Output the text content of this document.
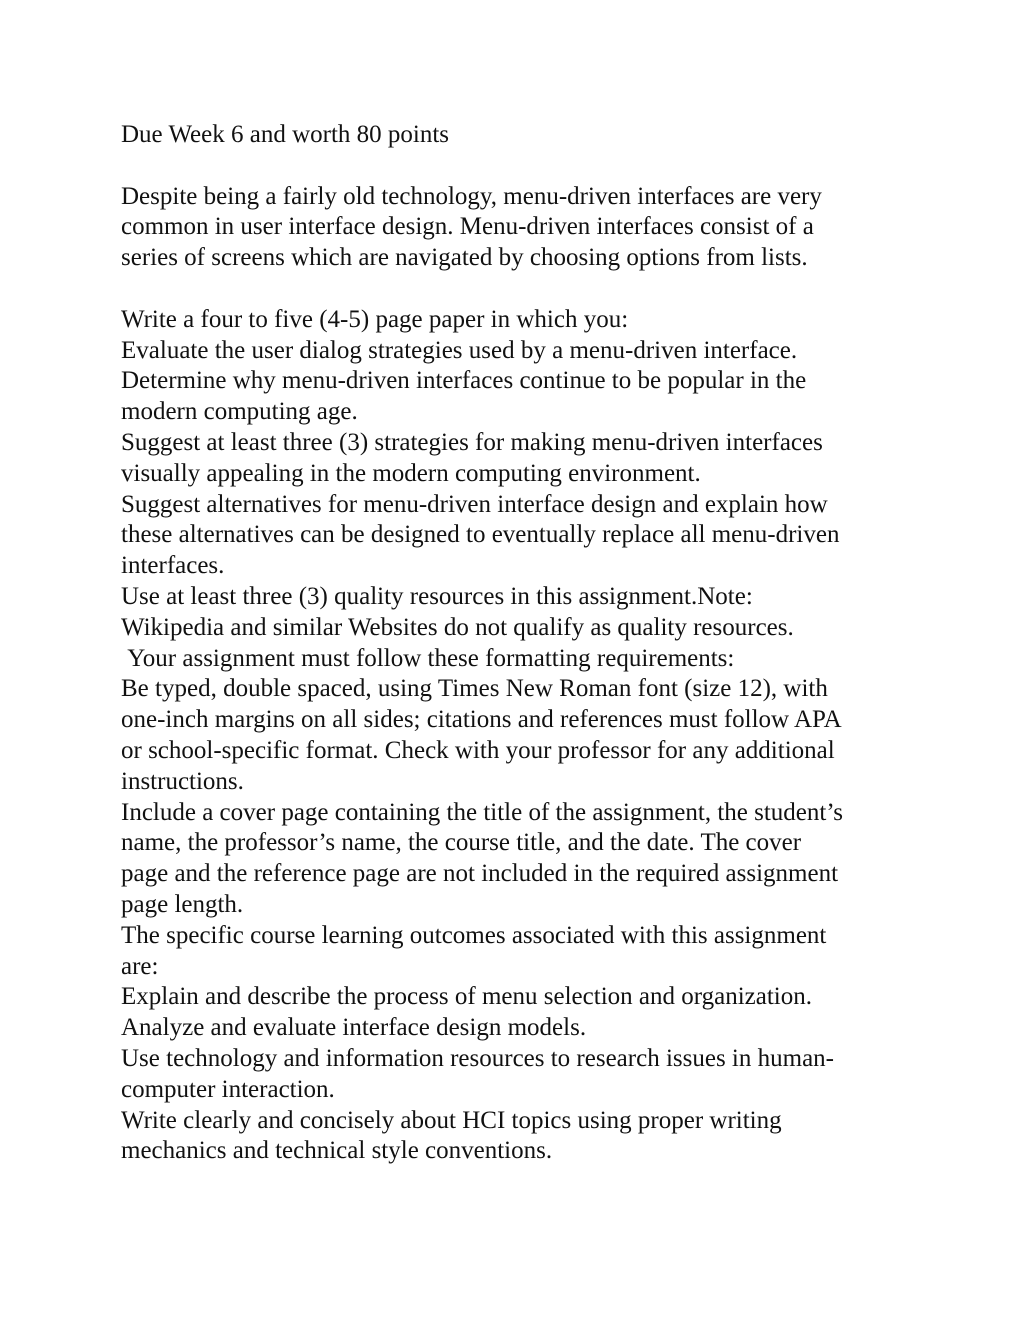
Due Week 6 and worth 80 points
Despite being a fairly old technology, menu-driven interfaces are very
common in user interface design. Menu-driven interfaces consist of a
series of screens which are navigated by choosing options from lists.
Write a four to five (4-5) page paper in which you:
Evaluate the user dialog strategies used by a menu-driven interface.
Determine why menu-driven interfaces continue to be popular in the
modern computing age.
Suggest at least three (3) strategies for making menu-driven interfaces
visually appealing in the modern computing environment.
Suggest alternatives for menu-driven interface design and explain how
these alternatives can be designed to eventually replace all menu-driven
interfaces.
Use at least three (3) quality resources in this assignment.Note:
Wikipedia and similar Websites do not qualify as quality resources.
Your assignment must follow these formatting requirements:
Be typed, double spaced, using Times New Roman font (size 12), with
one-inch margins on all sides; citations and references must follow APA
or school-specific format. Check with your professor for any additional
instructions.
Include a cover page containing the title of the assignment, the student’s
name, the professor’s name, the course title, and the date. The cover
page and the reference page are not included in the required assignment
page length.
The specific course learning outcomes associated with this assignment
are:
Explain and describe the process of menu selection and organization.
Analyze and evaluate interface design models.
Use technology and information resources to research issues in human-
computer interaction.
Write clearly and concisely about HCI topics using proper writing
mechanics and technical style conventions.
